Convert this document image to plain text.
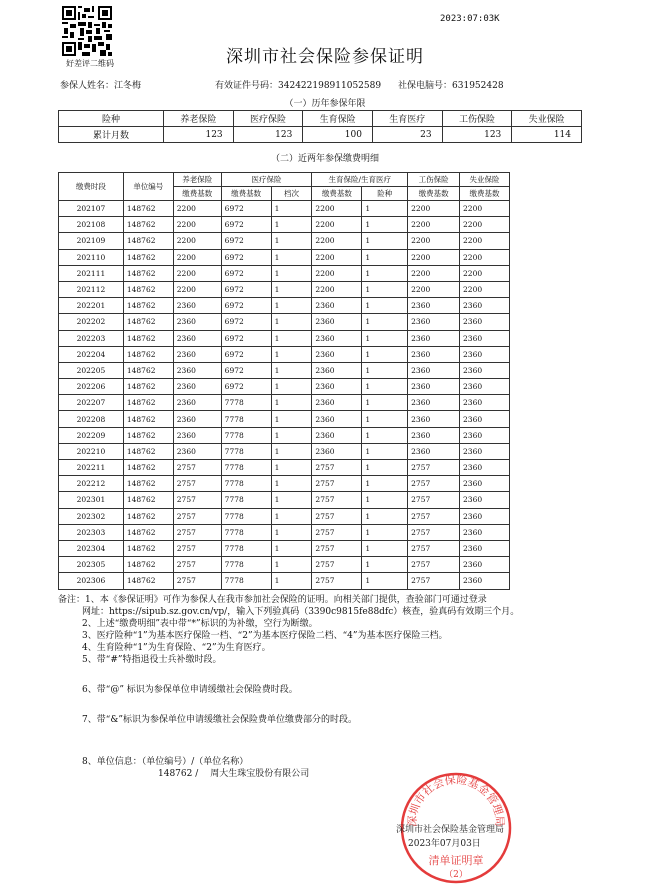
好差评二维码
2023:07:03K
深圳市社会保险参保证明
参保人姓名：江冬梅	有效证件号码：342422198911052589 社保电脑号：631952428
（一）历年参保年限
险种	养老保险	医疗保险	生育保险	生育医疗	工伤保险	失业保险
累计月数	123	123	100	23	123	114
（二）近两年参保缴费明细
缴费时段	单位编号	养老保险	医疗保险		生育保险/生育医疗		工伤保险	失业保险
		缴费基数	缴费基数	档次	缴费基数	险种	缴费基数	缴费基数
202107	148762	2200	6972	1	2200	1	2200	2200
202108	148762	2200	6972	1	2200	1	2200	2200
202109	148762	2200	6972	1	2200	1	2200	2200
202110	148762	2200	6972	1	2200	1	2200	2200
202111	148762	2200	6972	1	2200	1	2200	2200
202112	148762	2200	6972	1	2200	1	2200	2200
202201	148762	2360	6972	1	2360	1	2360	2360
202202	148762	2360	6972	1	2360	1	2360	2360
202203	148762	2360	6972	1	2360	1	2360	2360
202204	148762	2360	6972	1	2360	1	2360	2360
202205	148762	2360	6972	1	2360	1	2360	2360
202206	148762	2360	6972	1	2360	1	2360	2360
202207	148762	2360	7778	1	2360	1	2360	2360
202208	148762	2360	7778	1	2360	1	2360	2360
202209	148762	2360	7778	1	2360	1	2360	2360
202210	148762	2360	7778	1	2360	1	2360	2360
202211	148762	2757	7778	1	2757	1	2757	2360
202212	148762	2757	7778	1	2757	1	2757	2360
202301	148762	2757	7778	1	2757	1	2757	2360
202302	148762	2757	7778	1	2757	1	2757	2360
202303	148762	2757	7778	1	2757	1	2757	2360
202304	148762	2757	7778	1	2757	1	2757	2360
202305	148762	2757	7778	1	2757	1	2757	2360
202306	148762	2757	7778	1	2757	1	2757	2360
备注：1、本《参保证明》可作为参保人在我市参加社会保险的证明。向相关部门提供，查验部门可通过登录
网址：https://sipub.sz.gov.cn/vp/，输入下列验真码（3390c9815fe88dfc）核查，验真码有效期三个月。
2、上述“缴费明细”表中带“*”标识的为补缴，空行为断缴。
3、医疗险种“1”为基本医疗保险一档、“2”为基本医疗保险二档、“4”为基本医疗保险三档。
4、生育险种“1”为生育保险、“2”为生育医疗。
5、带“#”特指退役士兵补缴时段。
6、带“@” 标识为参保单位申请缓缴社会保险费时段。
7、带“&”标识为参保单位申请缓缴社会保险费单位缴费部分的时段。
8、单位信息：（单位编号）/（单位名称）
148762 / 周大生珠宝股份有限公司
深圳市社会保险基金管理局
清单证明章
（2）
深圳市社会保险基金管理局
2023年07月03日
